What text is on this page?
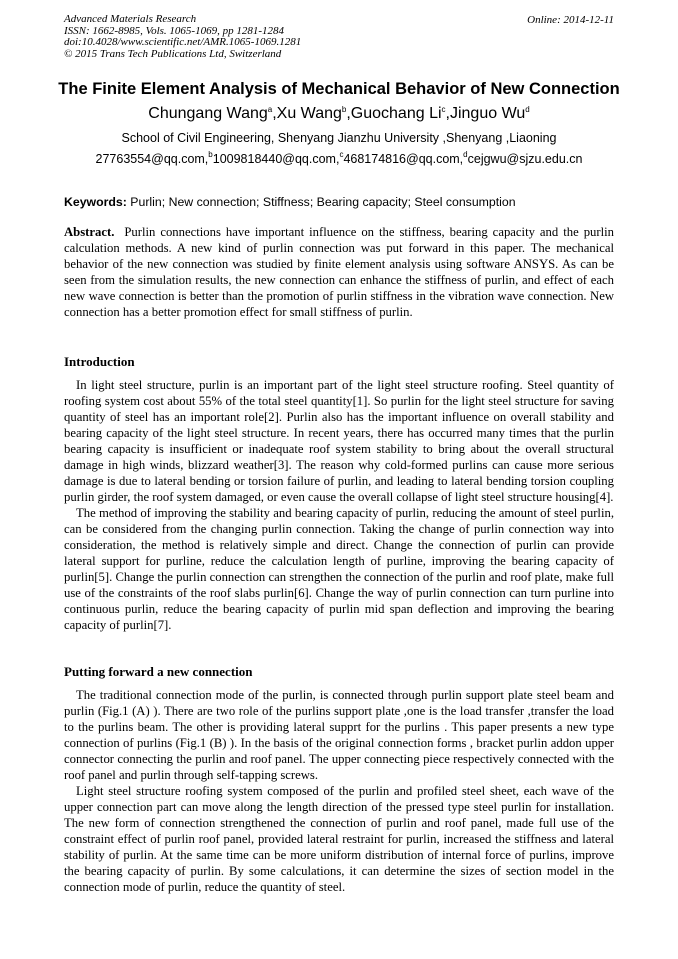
Advanced Materials Research
ISSN: 1662-8985, Vols. 1065-1069, pp 1281-1284
doi:10.4028/www.scientific.net/AMR.1065-1069.1281
© 2015 Trans Tech Publications Ltd, Switzerland
Online: 2014-12-11
The Finite Element Analysis of Mechanical Behavior of New Connection
Chungang Wang$^a$,Xu Wang$^b$,Guochang Li$^c$,Jinguo Wu$^d$
School of Civil Engineering, Shenyang Jianzhu University ,Shenyang ,Liaoning
27763554@qq.com,$^b$1009818440@qq.com,$^c$468174816@qq.com,$^d$cejgwu@sjzu.edu.cn
Keywords: Purlin; New connection; Stiffness; Bearing capacity; Steel consumption

Abstract.  Purlin connections have important influence on the stiffness, bearing capacity and the purlin calculation methods. A new kind of purlin connection was put forward in this paper. The mechanical behavior of the new connection was studied by finite element analysis using software ANSYS. As can be seen from the simulation results, the new connection can enhance the stiffness of purlin, and effect of each new wave connection is better than the promotion of purlin stiffness in the vibration wave connection. New connection has a better promotion effect for small stiffness of purlin.

Introduction

In light steel structure, purlin is an important part of the light steel structure roofing. Steel quantity of roofing system cost about 55% of the total steel quantity[1]. So purlin for the light steel structure for saving quantity of steel has an important role[2]. Purlin also has the important influence on overall stability and bearing capacity of the light steel structure. In recent years, there has occurred many times that the purlin bearing capacity is insufficient or inadequate roof system stability to bring about the overall structural damage in high winds, blizzard weather[3]. The reason why cold-formed purlins can cause more serious damage is due to lateral bending or torsion failure of purlin, and leading to lateral bending torsion coupling purlin girder, the roof system damaged, or even cause the overall collapse of light steel structure housing[4].

The method of improving the stability and bearing capacity of purlin, reducing the amount of steel purlin, can be considered from the changing purlin connection. Taking the change of purlin connection way into consideration, the method is relatively simple and direct. Change the connection of purlin can provide lateral support for purline, reduce the calculation length of purline, improving the bearing capacity of purlin[5]. Change the purlin connection can strengthen the connection of the purlin and roof plate, make full use of the constraints of the roof slabs purlin[6]. Change the way of purlin connection can turn purline into continuous purlin, reduce the bearing capacity of purlin mid span deflection and improving the bearing capacity of purlin[7].

Putting forward a new connection

The traditional connection mode of the purlin, is connected through purlin support plate steel beam and purlin (Fig.1 (A) ). There are two role of the purlins support plate ,one is the load transfer ,transfer the load to the purlins beam. The other is providing lateral supprt for the purlins . This paper presents a new type connection of purlins (Fig.1 (B) ). In the basis of the original connection forms , bracket purlin addon upper connector connecting the purlin and roof panel. The upper connecting piece respectively connected with the roof panel and purlin through self-tapping screws.

Light steel structure roofing system composed of the purlin and profiled steel sheet, each wave of the upper connection part can move along the length direction of the pressed type steel purlin for installation. The new form of connection strengthened the connection of purlin and roof panel, made full use of the constraint effect of purlin roof panel, provided lateral restraint for purlin, increased the stiffness and lateral stability of purlin. At the same time can be more uniform distribution of internal force of purlins, improve the bearing capacity of purlin. By some calculations, it can determine the sizes of section model in the connection mode of purlin, reduce the quantity of steel.
